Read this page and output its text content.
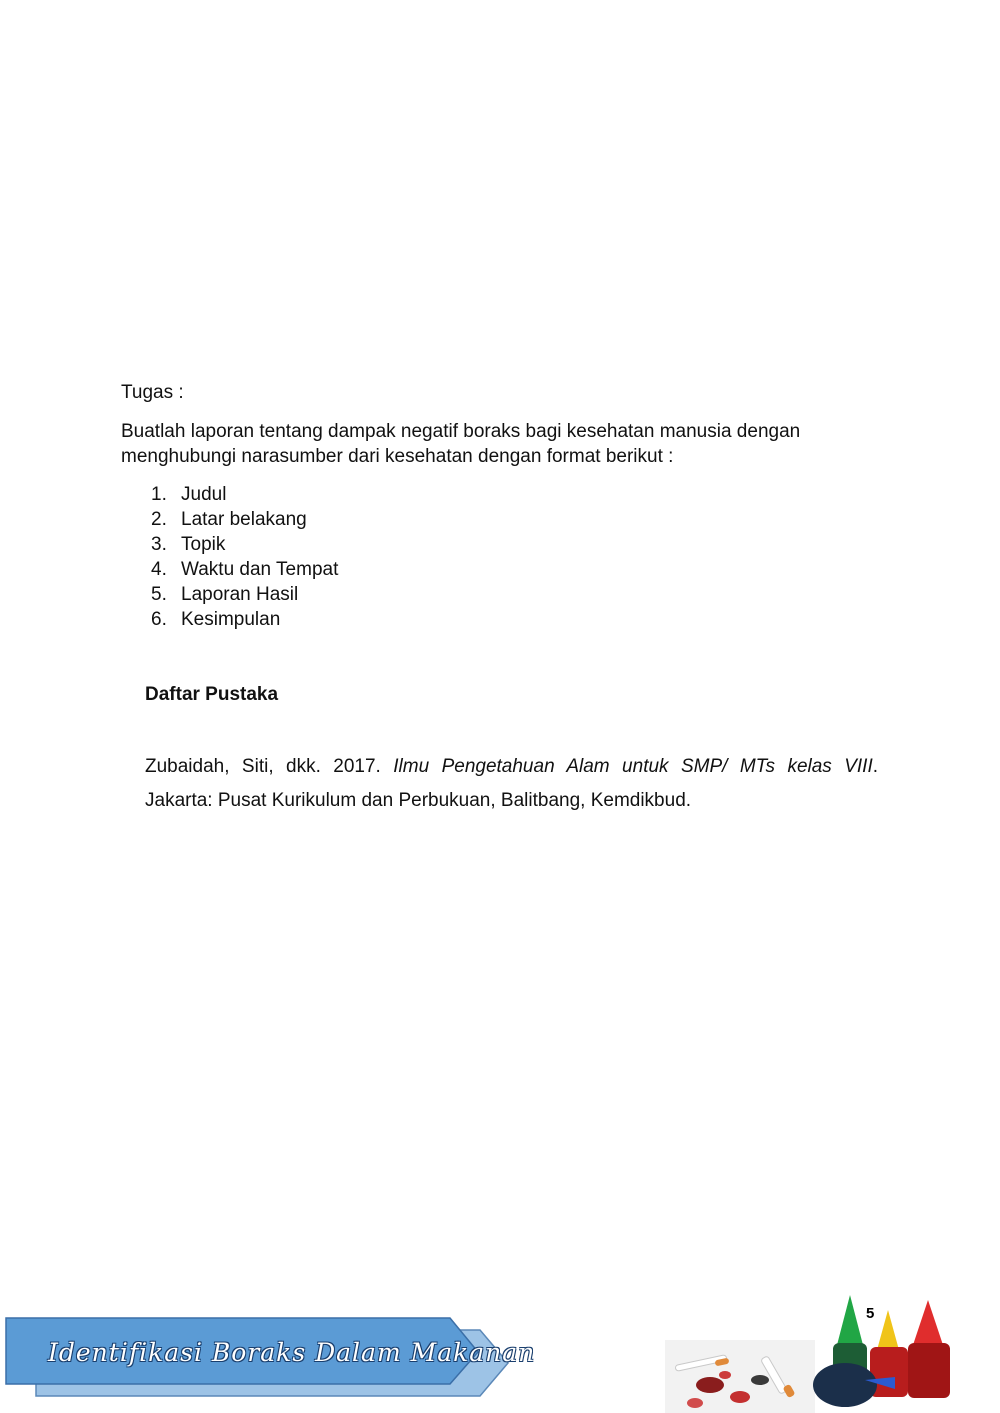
Tugas :
Buatlah laporan tentang dampak negatif boraks bagi kesehatan manusia dengan menghubungi narasumber dari kesehatan dengan format berikut :
1. Judul
2. Latar belakang
3. Topik
4. Waktu dan Tempat
5. Laporan Hasil
6. Kesimpulan
Daftar Pustaka
Zubaidah, Siti, dkk. 2017. Ilmu Pengetahuan Alam untuk SMP/ MTs kelas VIII.
Jakarta: Pusat Kurikulum dan Perbukuan, Balitbang, Kemdikbud.
Identifikasi Boraks Dalam Makanan
5
